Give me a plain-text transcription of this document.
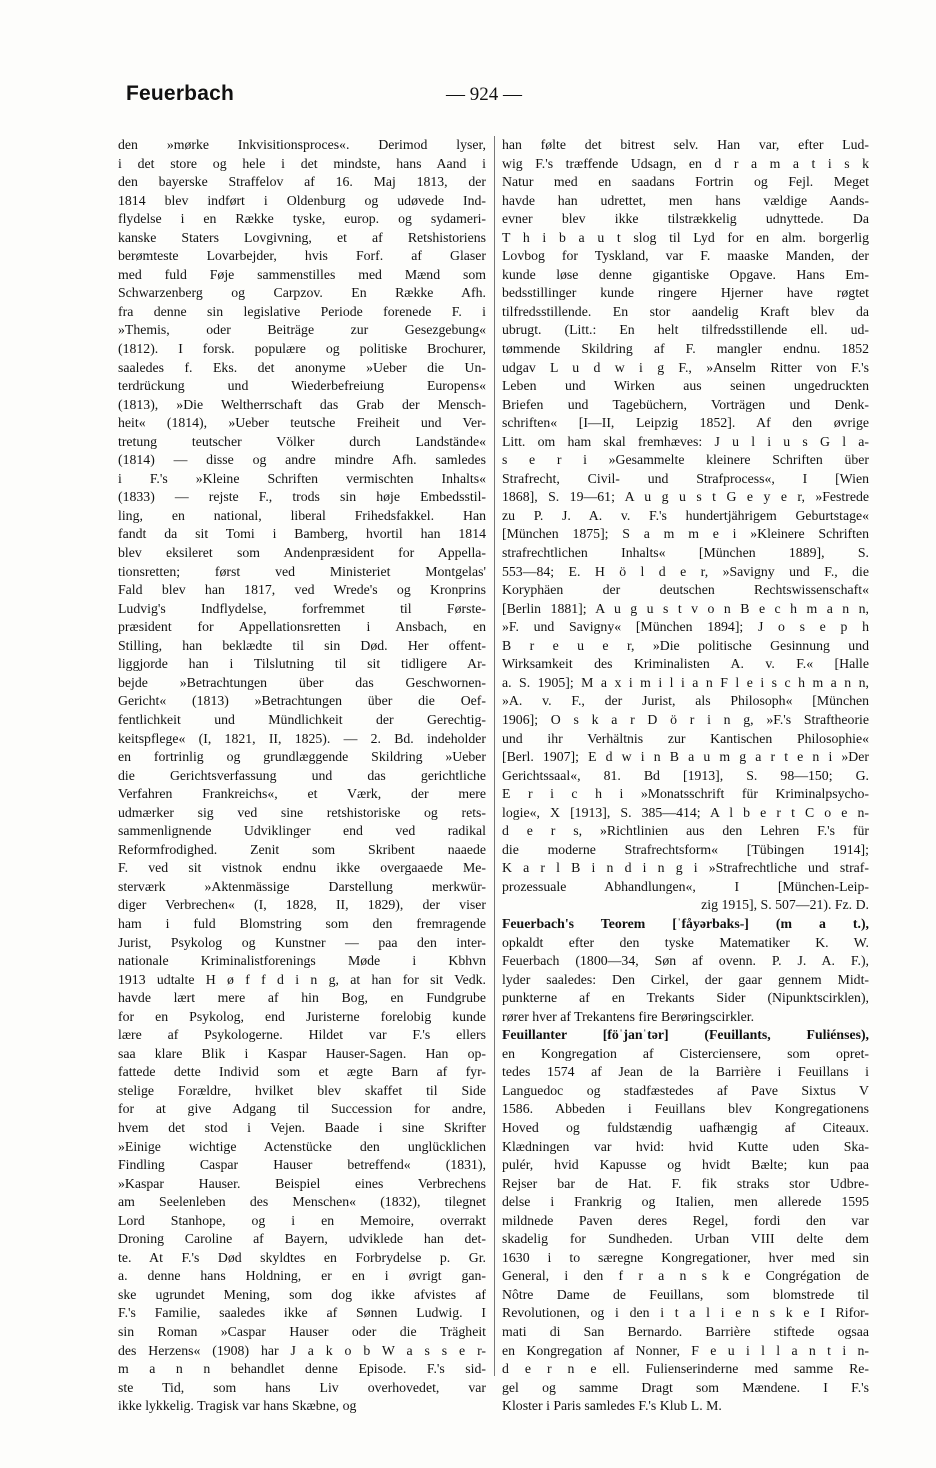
Feuerbach	— 924 —
den »mørke Inkvisitionsproces«. Derimod lyser,
i det store og hele i det mindste, hans Aand i
den bayerske Straffelov af 16. Maj 1813, der
1814 blev indført i Oldenburg og udøvede Ind-
flydelse i en Række tyske, europ. og sydameri-
kanske Staters Lovgivning, et af Retshistoriens
berømteste Lovarbejder, hvis Forf. af Glaser
med fuld Føje sammenstilles med Mænd som
Schwarzenberg og Carpzov. En Række Afh.
fra denne sin legislative Periode forenede F. i
»Themis, oder Beiträge zur Gesezgebung«
(1812). I forsk. populære og politiske Brochurer,
saaledes f. Eks. det anonyme »Ueber die Un-
terdrückung und Wiederbefreiung Europens«
(1813), »Die Weltherrschaft das Grab der Mensch-
heit« (1814), »Ueber teutsche Freiheit und Ver-
tretung teutscher Völker durch Landstände«
(1814) — disse og andre mindre Afh. samledes
i F.'s »Kleine Schriften vermischten Inhalts«
(1833) — rejste F., trods sin høje Embedsstil-
ling, en national, liberal Frihedsfakkel. Han
fandt da sit Tomi i Bamberg, hvortil han 1814
blev eksileret som Andenpræsident for Appella-
tionsretten; først ved Ministeriet Montgelas'
Fald blev han 1817, ved Wrede's og Kronprins
Ludvig's Indflydelse, forfremmet til Første-
præsident for Appellationsretten i Ansbach, en
Stilling, han beklædte til sin Død. Her offent-
liggjorde han i Tilslutning til sit tidligere Ar-
bejde »Betrachtungen über das Geschwornen-
Gericht« (1813) »Betrachtungen über die Oef-
fentlichkeit und Mündlichkeit der Gerechtig-
keitspflege« (I, 1821, II, 1825). — 2. Bd. indeholder
en fortrinlig og grundlæggende Skildring »Ueber
die Gerichtsverfassung und das gerichtliche
Verfahren Frankreichs«, et Værk, der mere
udmærker sig ved sine retshistoriske og rets-
sammenlignende Udviklinger end ved radikal
Reformfrodighed. Zenit som Skribent naaede
F. ved sit vistnok endnu ikke overgaaede Me-
sterværk »Aktenmässige Darstellung merkwür-
diger Verbrechen« (I, 1828, II, 1829), der viser
ham i fuld Blomstring som den fremragende
Jurist, Psykolog og Kunstner — paa den inter-
nationale Kriminalistforenings Møde i Kbhvn
1913 udtalte H ø f f d i n g, at han for sit Vedk.
havde lært mere af hin Bog, en Fundgrube
for en Psykolog, end Juristerne forelobig kunde
lære af Psykologerne. Hildet var F.'s ellers
saa klare Blik i Kaspar Hauser-Sagen. Han op-
fattede dette Individ som et ægte Barn af fyr-
stelige Forældre, hvilket blev skaffet til Side
for at give Adgang til Succession for andre,
hvem det stod i Vejen. Baade i sine Skrifter
»Einige wichtige Actenstücke den unglücklichen
Findling Caspar Hauser betreffend« (1831),
»Kaspar Hauser. Beispiel eines Verbrechens
am Seelenleben des Menschen« (1832), tilegnet
Lord Stanhope, og i en Memoire, overrakt
Droning Caroline af Bayern, udviklede han det-
te. At F.'s Død skyldtes en Forbrydelse p. Gr.
a. denne hans Holdning, er en i øvrigt gan-
ske ugrundet Mening, som dog ikke afvistes af
F.'s Familie, saaledes ikke af Sønnen Ludwig. I
sin Roman »Caspar Hauser oder die Trägheit
des Herzens« (1908) har J a k o b W a s s e r-
m a n n behandlet denne Episode. F.'s sid-
ste Tid, som hans Liv overhovedet, var
ikke lykkelig. Tragisk var hans Skæbne, og
han følte det bitrest selv. Han var, efter Lud-
wig F.'s træffende Udsagn, en d r a m a t i s k
Natur med en saadans Fortrin og Fejl. Meget
havde han udrettet, men hans vældige Aands-
evner blev ikke tilstrækkelig udnyttede. Da
T h i b a u t slog til Lyd for en alm. borgerlig
Lovbog for Tyskland, var F. maaske Manden, der
kunde løse denne gigantiske Opgave. Hans Em-
bedsstillinger kunde ringere Hjerner have røgtet
tilfredsstillende. En stor aandelig Kraft blev da
ubrugt. (Litt.: En helt tilfredsstillende ell. ud-
tømmende Skildring af F. mangler endnu. 1852
udgav L u d w i g F., »Anselm Ritter von F.'s
Leben und Wirken aus seinen ungedruckten
Briefen und Tagebüchern, Vorträgen und Denk-
schriften« [I—II, Leipzig 1852]. Af den øvrige
Litt. om ham skal fremhæves: J u l i u s G l a-
s e r i »Gesammelte kleinere Schriften über
Strafrecht, Civil- und Strafprocess«, I [Wien
1868], S. 19—61; A u g u s t G e y e r, »Festrede
zu P. J. A. v. F.'s hundertjährigem Geburtstage«
[München 1875]; S a m m e i »Kleinere Schriften
strafrechtlichen Inhalts« [München 1889], S.
553—84; E. H ö l d e r, »Savigny und F., die
Koryphäen der deutschen Rechtswissenschaft«
[Berlin 1881]; A u g u s t v o n B e c h m a n n,
»F. und Savigny« [München 1894]; J o s e p h
B r e u e r, »Die politische Gesinnung und
Wirksamkeit des Kriminalisten A. v. F.« [Halle
a. S. 1905]; M a x i m i l i a n F l e i s c h m a n n,
»A. v. F., der Jurist, als Philosoph« [München
1906]; O s k a r D ö r i n g, »F.'s Straftheorie
und ihr Verhältnis zur Kantischen Philosophie«
[Berl. 1907]; E d w i n B a u m g a r t e n i »Der
Gerichtssaal«, 81. Bd [1913], S. 98—150; G.
E r i c h i »Monatsschrift für Kriminalpsycho-
logie«, X [1913], S. 385—414; A l b e r t C o e n-
d e r s, »Richtlinien aus den Lehren F.'s für
die moderne Strafrechtsform« [Tübingen 1914];
K a r l B i n d i n g i »Strafrechtliche und straf-
prozessuale Abhandlungen«, I [München-Leip-
zig 1915], S. 507—21). Fz. D.
Feuerbach's Teorem [ˈfåyərbaks-] (m a t.),
opkaldt efter den tyske Matematiker K. W.
Feuerbach (1800—34, Søn af ovenn. P. J. A. F.),
lyder saaledes: Den Cirkel, der gaar gennem Midt-
punkterne af en Trekants Sider (Nipunktscirklen),
rører hver af Trekantens fire Berøringscirkler.
Feuillanter [föˈjanˈtər] (Feuillants, Fuliénses),
en Kongregation af Cisterciensere, som opret-
tedes 1574 af Jean de la Barrière i Feuillans i
Languedoc og stadfæstedes af Pave Sixtus V
1586. Abbeden i Feuillans blev Kongregationens
Hoved og fuldstændig uafhængig af Citeaux.
Klædningen var hvid: hvid Kutte uden Ska-
pulér, hvid Kapusse og hvidt Bælte; kun paa
Rejser bar de Hat. F. fik straks stor Udbre-
delse i Frankrig og Italien, men allerede 1595
mildnede Paven deres Regel, fordi den var
skadelig for Sundheden. Urban VIII delte dem
1630 i to særegne Kongregationer, hver med sin
General, i den f r a n s k e Congrégation de
Nôtre Dame de Feuillans, som blomstrede til
Revolutionen, og i den i t a l i e n s k e I Rifor-
mati di San Bernardo. Barrière stiftede ogsaa
en Kongregation af Nonner, F e u i l l a n t i n-
d e r n e ell. Fulienserinderne med samme Re-
gel og samme Dragt som Mændene. I F.'s
Kloster i Paris samledes F.'s Klub L. M.
